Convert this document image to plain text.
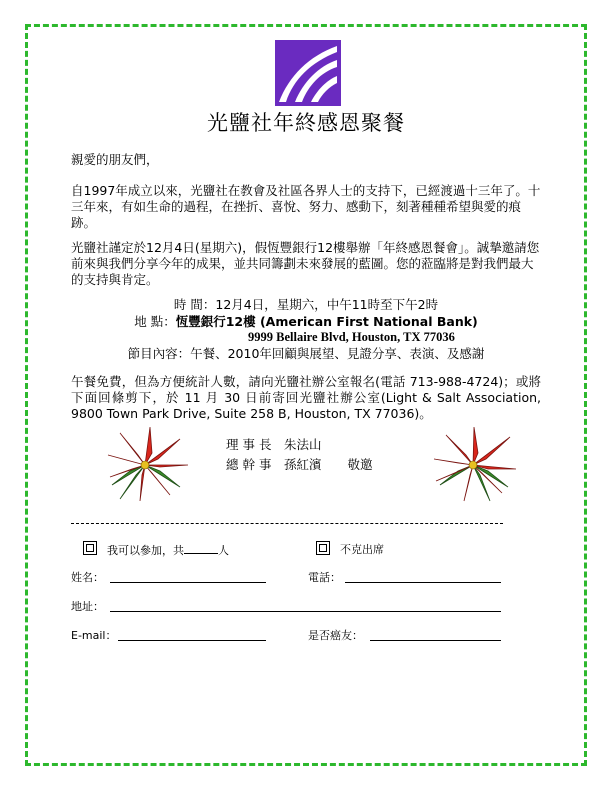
光鹽社年終感恩聚餐
親愛的朋友們，
自1997年成立以來，光鹽社在教會及社區各界人士的支持下，已經渡過十三年了。十三年來，有如生命的過程，在挫折、喜悅、努力、感動下，刻著種種希望與愛的痕跡。
光鹽社謹定於12月4日(星期六)，假恆豐銀行12樓舉辦「年終感恩餐會」。誠摯邀請您前來與我們分享今年的成果，並共同籌劃未來發展的藍圖。您的蒞臨將是對我們最大的支持與肯定。
時 間：12月4日，星期六，中午11時至下午2時
地 點：恆豐銀行12樓 (American First National Bank)
9999 Bellaire Blvd, Houston, TX 77036
節目內容：午餐、2010年回顧與展望、見證分享、表演、及感謝
午餐免費，但為方便統計人數，請向光鹽社辦公室報名(電話 713-988-4724)；或將下面回條剪下，於 11 月 30 日前寄回光鹽社辦公室(Light & Salt Association, 9800 Town Park Drive, Suite 258 B, Houston, TX 77036)。
理 事 長　朱法山
總 幹 事　孫紅濱 敬邀
我可以參加，共	人	不克出席
姓名：	電話：
地址：
E-mail：	是否癌友：
